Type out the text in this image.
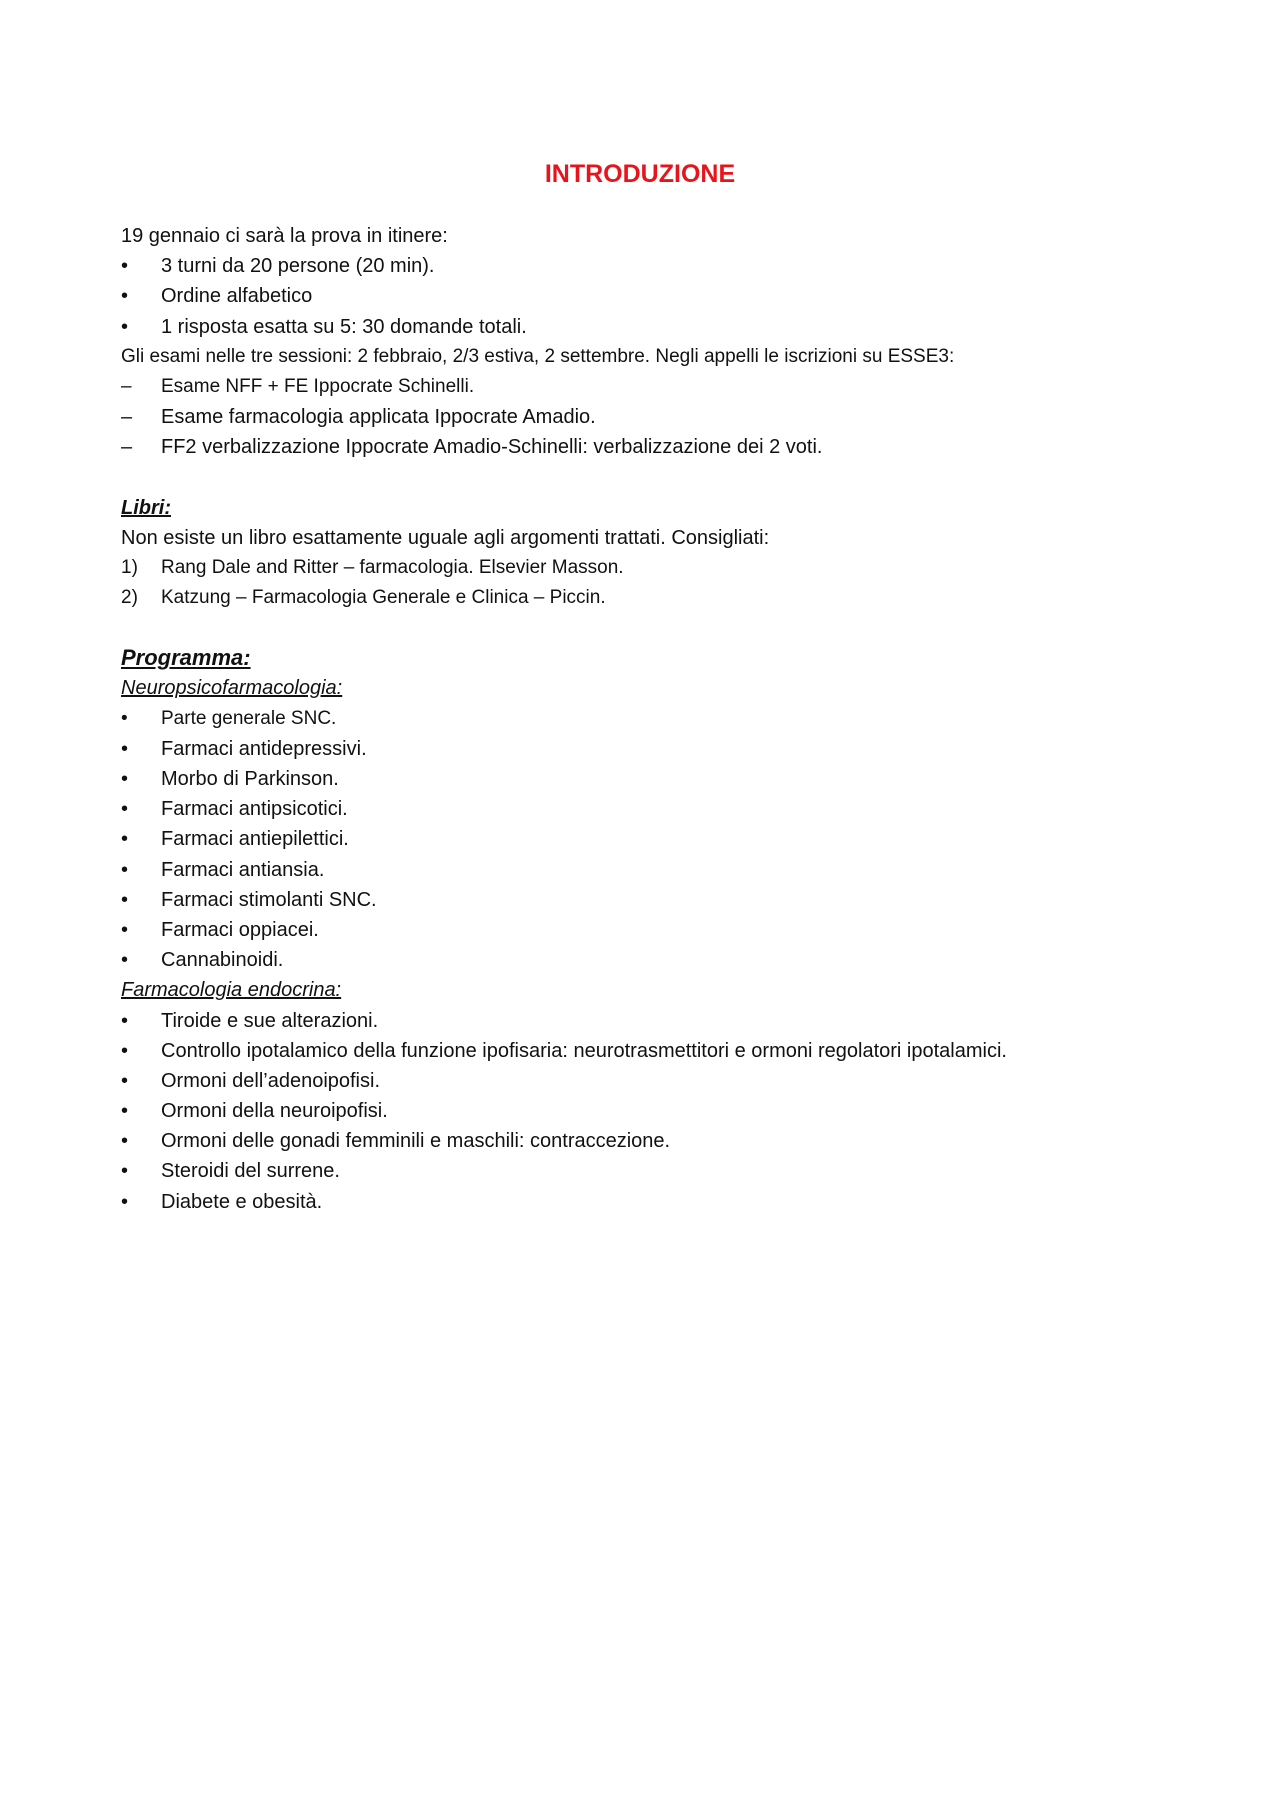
INTRODUZIONE
19 gennaio ci sarà la prova in itinere:
•	3 turni da 20 persone (20 min).
•	Ordine alfabetico
•	1 risposta esatta su 5: 30 domande totali.
Gli esami nelle tre sessioni: 2 febbraio, 2/3 estiva, 2 settembre. Negli appelli le iscrizioni su ESSE3:
–	Esame NFF + FE Ippocrate Schinelli.
–	Esame farmacologia applicata Ippocrate Amadio.
–	FF2 verbalizzazione Ippocrate Amadio-Schinelli: verbalizzazione dei 2 voti.
Libri:
Non esiste un libro esattamente uguale agli argomenti trattati. Consigliati:
1)	Rang Dale and Ritter – farmacologia. Elsevier Masson.
2)	Katzung – Farmacologia Generale e Clinica – Piccin.
Programma:
Neuropsicofarmacologia:
•	Parte generale SNC.
•	Farmaci antidepressivi.
•	Morbo di Parkinson.
•	Farmaci antipsicotici.
•	Farmaci antiepilettici.
•	Farmaci antiansia.
•	Farmaci stimolanti SNC.
•	Farmaci oppiacei.
•	Cannabinoidi.
Farmacologia endocrina:
•	Tiroide e sue alterazioni.
•	Controllo ipotalamico della funzione ipofisaria: neurotrasmettitori e ormoni regolatori ipotalamici.
•	Ormoni dell’adenoipofisi.
•	Ormoni della neuroipofisi.
•	Ormoni delle gonadi femminili e maschili: contraccezione.
•	Steroidi del surrene.
•	Diabete e obesità.
